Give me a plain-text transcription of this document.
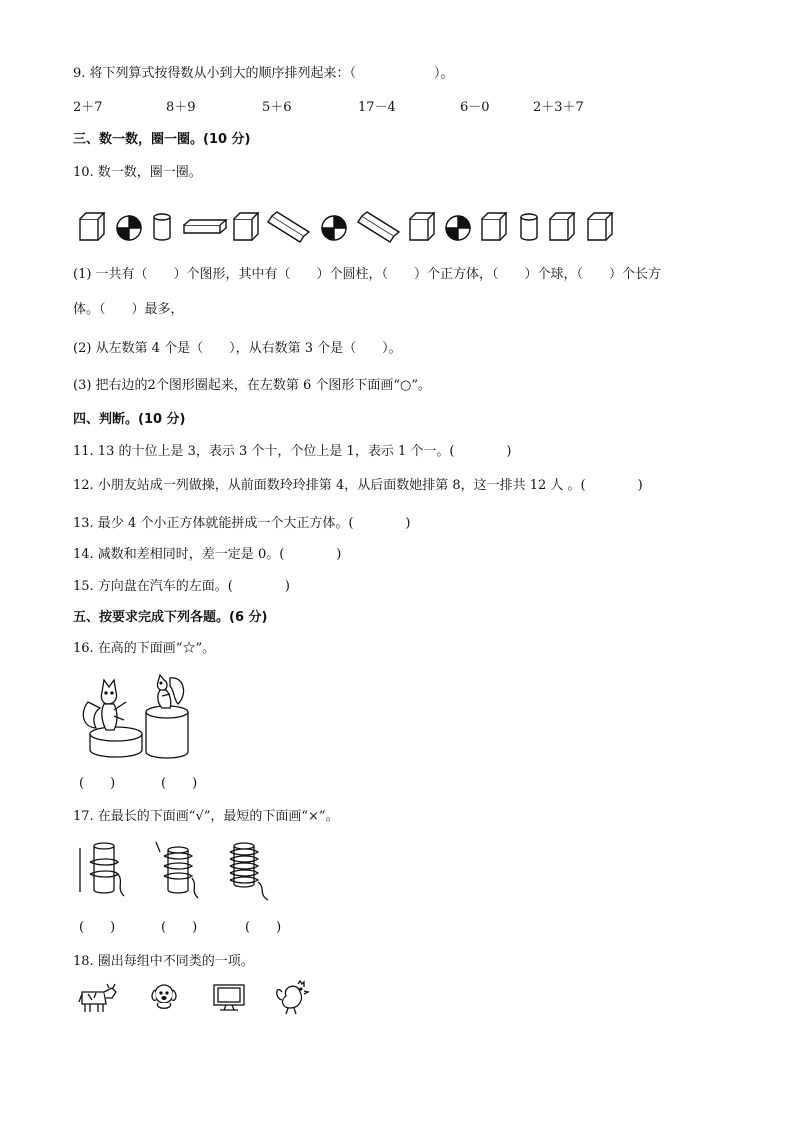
9. 将下列算式按得数从小到大的顺序排列起来：（　　　　　　）。
2＋7	8＋9	5＋6	17－4	6－0	2＋3＋7
三、数一数，圈一圈。(10 分)
10. 数一数，圈一圈。
(1) 一共有（　　）个图形，其中有（　　）个圆柱，（　　）个正方体，（　　）个球，（　　）个长方
体。（　　）最多，
(2) 从左数第 4 个是（　　），从右数第 3 个是（　　）。
(3) 把右边的2个图形圈起来，在左数第 6 个图形下面画“○”。
四、判断。(10 分)
11. 13 的十位上是 3，表示 3 个十，个位上是 1，表示 1 个一。(　　　　)
12. 小朋友站成一列做操，从前面数玲玲排第 4，从后面数她排第 8，这一排共 12 人 。(　　　　)
13. 最少 4 个小正方体就能拼成一个大正方体。(　　　　)
14. 减数和差相同时，差一定是 0。(　　　　)
15. 方向盘在汽车的左面。(　　　　)
五、按要求完成下列各题。(6 分)
16. 在高的下面画“☆”。
(　　)	(　　)
17. 在最长的下面画“√”，最短的下面画“×”。
(　　)	(　　)	(　　)
18. 圈出每组中不同类的一项。
